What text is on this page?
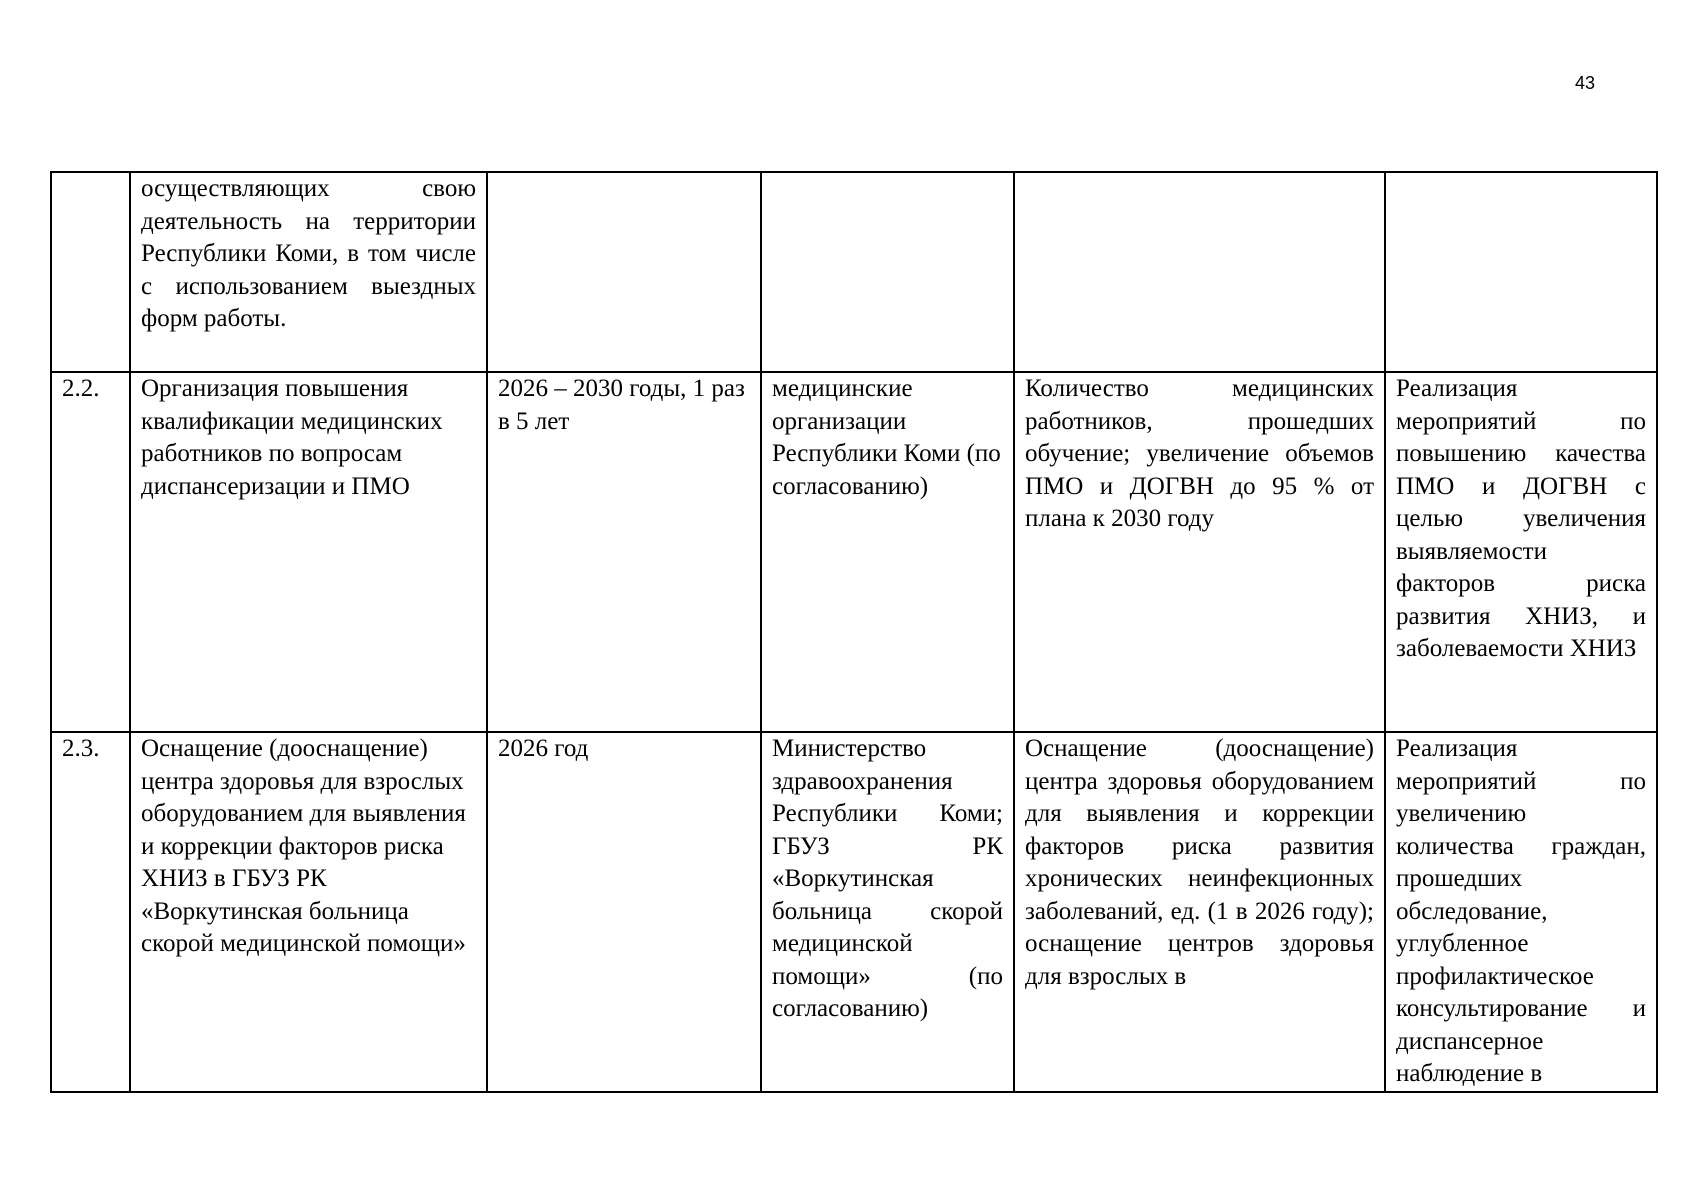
43
	осуществляющих свою деятельность на территории Республики Коми, в том числе с использованием выездных форм работы.				
2.2.	Организация повышения квалификации медицинских работников по вопросам диспансеризации и ПМО	2026 – 2030 годы, 1 раз в 5 лет	медицинские организации Республики Коми (по согласованию)	Количество медицинских работников, прошедших обучение; увеличение объемов ПМО и ДОГВН до 95 % от плана к 2030 году	Реализация мероприятий по повышению качества ПМО и ДОГВН с целью увеличения выявляемости факторов риска развития ХНИЗ, и заболеваемости ХНИЗ
2.3.	Оснащение (дооснащение) центра здоровья для взрослых оборудованием для выявления и коррекции факторов риска ХНИЗ в ГБУЗ РК «Воркутинская больница скорой медицинской помощи»	2026 год	Министерство здравоохранения Республики Коми; ГБУЗ РК «Воркутинская больница скорой медицинской помощи» (по согласованию)	Оснащение (дооснащение) центра здоровья оборудованием для выявления и коррекции факторов риска развития хронических неинфекционных заболеваний, ед. (1 в 2026 году); оснащение центров здоровья для взрослых в	Реализация мероприятий по увеличению количества граждан, прошедших обследование, углубленное профилактическое консультирование и диспансерное наблюдение в
